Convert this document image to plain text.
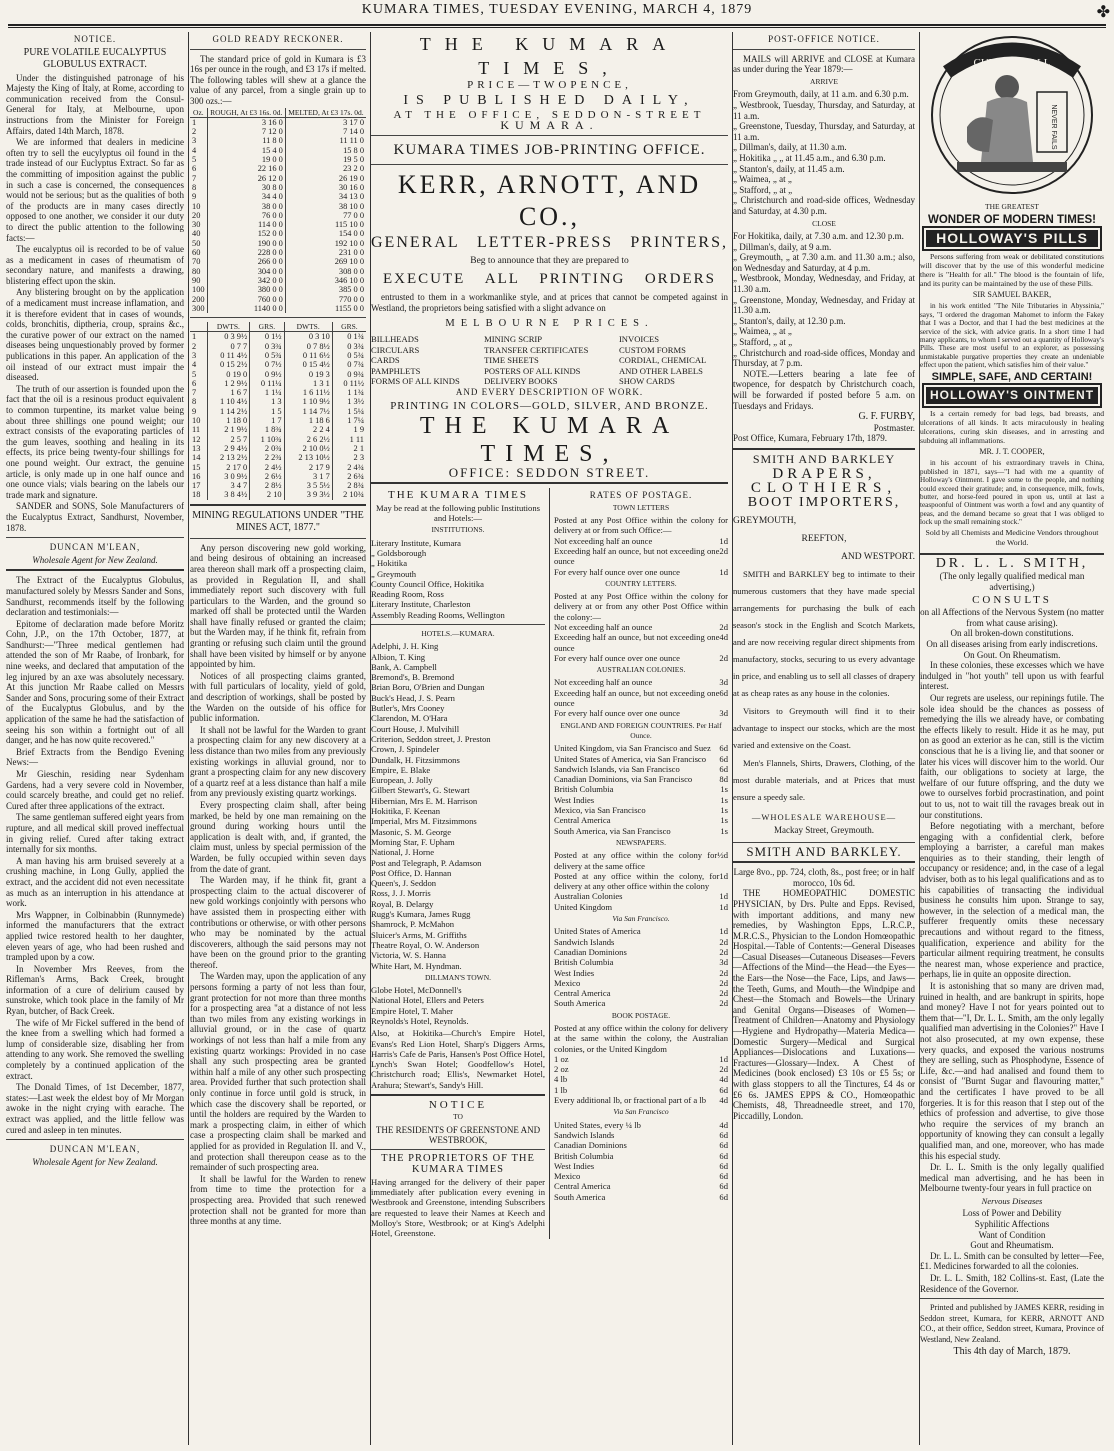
KUMARA TIMES, TUESDAY EVENING, MARCH 4, 1879	✤
NOTICE.
PURE VOLATILE EUCALYPTUS GLOBULUS EXTRACT.

Under the distinguished patronage of his Majesty the King of Italy, at Rome, according to communication received from the Consul-General for Italy, at Melbourne, upon instructions from the Minister for Foreign Affairs, dated 14th March, 1878.

We are informed that dealers in medicine often try to sell the eucylyptus oil found in the trade instead of our Euclyptus Extract. So far as the committing of imposition against the public in such a case is concerned, the consequences would not be serious; but as the qualities of both of the products are in many cases directly opposed to one another, we consider it our duty to direct the public attention to the following facts:—

The eucalyptus oil is recorded to be of value as a medicament in cases of rheumatism of secondary nature, and manifests a drawing, blistering effect upon the skin.

Any blistering brought on by the application of a medicament must increase inflamation, and it is therefore evident that in cases of wounds, colds, bronchitis, diptheria, croup, sprains &c., the curative power of our extract on the named diseases being unquestionably proved by former publications in this paper. An application of the oil instead of our extract must impair the diseased.

The truth of our assertion is founded upon the fact that the oil is a resinous product equivalent to common turpentine, its market value being about three shillings one pound weight; our extract consists of the evaporating particles of the gum leaves, soothing and healing in its effects, its price being twenty-four shillings for one pound weight. Our extract, the genuine article, is only made up in one half ounce and one ounce vials; vials bearing on the labels our trade mark and signature.

SANDER and SONS, Sole Manufacturers of the Eucalyptus Extract, Sandhurst, November, 1878.

DUNCAN M'LEAN,
Wholesale Agent for New Zealand.

The Extract of the Eucalyptus Globulus, manufactured solely by Messrs Sander and Sons, Sandhurst, recommends itself by the following declaration and testimonials:—

Epitome of declaration made before Moritz Cohn, J.P., on the 17th October, 1877, at Sandhurst:—"Three medical gentlemen had attended the son of Mr Raabe, of Ironbark, for nine weeks, and declared that amputation of the leg injured by an axe was absolutely necessary. At this junction Mr Raabe called on Messrs Sander and Sons, procuring some of their Extract of the Eucalyptus Globulus, and by the application of the same he had the satisfaction of seeing his son within a fortnight out of all danger, and he has now quite recovered."

Brief Extracts from the Bendigo Evening News:—

Mr Gieschin, residing near Sydenham Gardens, had a very severe cold in November, could scarcely breathe, and could get no relief. Cured after three applications of the extract.

The same gentleman suffered eight years from rupture, and all medical skill proved ineffectual in giving relief. Cured after taking extract internally for six months.

A man having his arm bruised severely at a crushing machine, in Long Gully, applied the extract, and the accident did not even necessitate as much as an interruption in his attendance at work.

Mrs Wappner, in Colbinabbin (Runnymede) informed the manufacturers that the extract applied twice restored health to her daughter, eleven years of age, who had been rushed and trampled upon by a cow.

In November Mrs Reeves, from the Rifleman's Arms, Back Creek, brought information of a cure of delirium caused by sunstroke, which took place in the family of Mr Ryan, butcher, of Back Creek.

The wife of Mr Fickel suffered in the bend of the knee from a swelling which had formed a lump of considerable size, disabling her from attending to any work. She removed the swelling completely by a continued application of the extract.

The Donald Times, of 1st December, 1877, states:—Last week the eldest boy of Mr Morgan awoke in the night crying with earache. The extract was applied, and the little fellow was cured and asleep in ten minutes.

DUNCAN M'LEAN,
Wholesale Agent for New Zealand.
GOLD READY RECKONER.

The standard price of gold in Kumara is £3 16s per ounce in the rough, and £3 17s if melted. The following tables will shew at a glance the value of any parcel, from a single grain up to 300 ozs.:—

Oz.	ROUGH, At £3 16s. 0d.	MELTED, At £3 17s. 0d.
1	3 16 0	3 17 0
2	7 12 0	7 14 0
3	11 8 0	11 11 0
4	15 4 0	15 8 0
5	19 0 0	19 5 0
6	22 16 0	23 2 0
7	26 12 0	26 19 0
8	30 8 0	30 16 0
9	34 4 0	34 13 0
10	38 0 0	38 10 0
20	76 0 0	77 0 0
30	114 0 0	115 10 0
40	152 0 0	154 0 0
50	190 0 0	192 10 0
60	228 0 0	231 0 0
70	266 0 0	269 10 0
80	304 0 0	308 0 0
90	342 0 0	346 10 0
100	380 0 0	385 0 0
200	760 0 0	770 0 0
300	1140 0 0	1155 0 0
	DWTS.	GRS.	DWTS.	GRS.
1	0 3 9½	0 1½	0 3 10	0 1¾
2	0 7 7	0 3¾	0 7 8½	0 3¾
3	0 11 4½	0 5¾	0 11 6½	0 5¾
4	0 15 2½	0 7½	0 15 4½	0 7¾
5	0 19 0	0 9½	0 19 3	0 9¾
6	1 2 9½	0 11¼	1 3 1	0 11½
7	1 6 7	1 1¼	1 6 11½	1 1¾
8	1 10 4½	1 3	1 10 9½	1 3½
9	1 14 2½	1 5	1 14 7½	1 5¼
10	1 18 0	1 7	1 18 6	1 7¼
11	2 1 9½	1 8¾	2 2 4	1 9
12	2 5 7	1 10¾	2 6 2½	1 11
13	2 9 4½	2 0¾	2 10 0½	2 1
14	2 13 2½	2 2¾	2 13 10½	2 3
15	2 17 0	2 4½	2 17 9	2 4¾
16	3 0 9½	2 6½	3 1 7	2 6¾
17	3 4 7	2 8½	3 5 5½	2 8¾
18	3 8 4½	2 10	3 9 3½	2 10¾
MINING REGULATIONS UNDER "THE MINES ACT, 1877."

Any person discovering new gold working, and being desirous of obtaining an increased area thereon shall mark off a prospecting claim, as provided in Regulation II, and shall immediately report such discovery with full particulars to the Warden, and the ground so marked off shall be protected until the Warden shall have finally refused or granted the claim; but the Warden may, if he think fit, refrain from granting or refusing such claim until the ground shall have been visited by himself or by anyone appointed by him.

Notices of all prospecting claims granted, with full particulars of locality, yield of gold, and description of workings, shall be posted by the Warden on the outside of his office for public information.

It shall not be lawful for the Warden to grant a prospecting claim for any new discovery at a less distance than two miles from any previously existing workings in alluvial ground, nor to grant a prospecting claim for any new discovery of a quartz reef at a less distance than half a mile from any previously existing quartz workings.

Every prospecting claim shall, after being marked, be held by one man remaining on the ground during working hours until the application is dealt with, and, if granted, the claim must, unless by special permission of the Warden, be fully occupied within seven days from the date of grant.

The Warden may, if he think fit, grant a prospecting claim to the actual discoverer of new gold workings conjointly with persons who have assisted them in prospecting either with contributions or otherwise, or with other persons who may be nominated by the actual discoverers, although the said persons may not have been on the ground prior to the granting thereof.

The Warden may, upon the application of any persons forming a party of not less than four, grant protection for not more than three months for a prospecting area "at a distance of not less than two miles from any existing workings in alluvial ground, or in the case of quartz workings of not less than half a mile from any existing quartz workings: Provided in no case shall any such prospecting area be granted within half a mile of any other such prospecting area. Provided further that such protection shall only continue in force until gold is struck, in which case the discovery shall be reported, or until the holders are required by the Warden to mark a prospecting claim, in either of which case a prospecting claim shall be marked and applied for as provided in Regulation II. and V., and protection shall thereupon cease as to the remainder of such prospecting area.

It shall be lawful for the Warden to renew from time to time the protection for a prospecting area. Provided that such renewed protection shall not be granted for more than three months at any time.

THE KUMARA TIMES,
PRICE—TWOPENCE,
IS PUBLISHED DAILY,
AT THE OFFICE, SEDDON-STREET
KUMARA.
KUMARA TIMES JOB-PRINTING OFFICE.
KERR, ARNOTT, AND CO.,
GENERAL LETTER-PRESS PRINTERS,
Beg to announce that they are prepared to
EXECUTE ALL PRINTING ORDERS

entrusted to them in a workmanlike style, and at prices that cannot be competed against in Westland, the proprietors being satisfied with a slight advance on

MELBOURNE PRICES.
BILLHEADS	MINING SCRIP	INVOICES
CIRCULARS	TRANSFER CERTIFICATES	CUSTOM FORMS
CARDS	TIME SHEETS	CORDIAL, CHEMICAL
PAMPHLETS	POSTERS OF ALL KINDS	AND OTHER LABELS
FORMS OF ALL KINDS	DELIVERY BOOKS	SHOW CARDS
AND EVERY DESCRIPTION OF WORK.
PRINTING IN COLORS—GOLD, SILVER, AND BRONZE.
THE KUMARA TIMES,
OFFICE: SEDDON STREET.
THE KUMARA TIMES
May be read at the following public Institutions and Hotels:—
INSTITUTIONS.
Literary Institute, Kumara
„ Goldsborough
„ Hokitika
„ Greymouth
County Council Office, Hokitika
Reading Room, Ross
Literary Institute, Charleston
Assembly Reading Rooms, Wellington
HOTELS.—KUMARA.
Adelphi, J. H. King
Albion, T. King
Bank, A. Campbell
Bremond's, B. Bremond
Brian Boru, O'Brien and Dungan
Buck's Head, J. S. Pearn
Butler's, Mrs Cooney
Clarendon, M. O'Hara
Court House, J. Mulvihill
Criterion, Seddon street, J. Preston
Crown, J. Spindeler
Dundalk, H. Fitzsimmons
Empire, E. Blake
European, J. Jolly
Gilbert Stewart's, G. Stewart
Hibernian, Mrs E. M. Harrison
Hokitika, F. Keenan
Imperial, Mrs M. Fitzsimmons
Masonic, S. M. George
Morning Star, F. Upham
National, J. Horne
Post and Telegraph, P. Adamson
Post Office, D. Hannan
Queen's, J. Seddon
Ross, J. J. Morris
Royal, B. Delargy
Rugg's Kumara, James Rugg
Shamrock, P. McMahon
Sluicer's Arms, M. Griffiths
Theatre Royal, O. W. Anderson
Victoria, W. S. Hanna
White Hart, M. Hyndman.
DILLMAN'S TOWN.
Globe Hotel, McDonnell's
National Hotel, Ellers and Peters
Empire Hotel, T. Maher
Reynolds's Hotel, Reynolds.
Also, at Hokitika—Church's Empire Hotel, Evans's Red Lion Hotel, Sharp's Diggers Arms, Harris's Cafe de Paris, Hansen's Post Office Hotel, Lynch's Swan Hotel; Goodfellow's Hotel, Christchurch road; Ellis's, Newmarket Hotel, Arahura; Stewart's, Sandy's Hill.
NOTICE
TO
THE RESIDENTS OF GREENSTONE AND WESTBROOK,
THE PROPRIETORS OF THE KUMARA TIMES
Having arranged for the delivery of their paper immediately after publication every evening in Westbrook and Greenstone, intending Subscribers are requested to leave their Names at Keech and Molloy's Store, Westbrook; or at King's Adelphi Hotel, Greenstone.
RATES OF POSTAGE.
TOWN LETTERS
Posted at any Post Office within the colony for delivery at or from such Office:—
Not exceeding half an ounce	1d
Exceeding half an ounce, but not exceeding one ounce
2d
For every half ounce over one ounce	1d
COUNTRY LETTERS.
Posted at any Post Office within the colony for delivery at or from any other Post Office within the colony:—
Not exceeding half an ounce	2d
Exceeding half an ounce, but not exceeding one ounce
4d
For every half ounce over one ounce	2d
AUSTRALIAN COLONIES.
Not exceeding half an ounce	3d
Exceeding half an ounce, but not exceeding one ounce
6d
For every half ounce over one ounce	3d
ENGLAND AND FOREIGN COUNTRIES. Per Half Ounce.
United Kingdom, via San Francisco and Suez 6d
United States of America, via San Francisco 6d
Sandwich Islands, via San Francisco	6d
Canadian Dominions, via San Francisco	8d
British Columbia	1s
West Indies	1s
Mexico, via San Francisco	1s
Central America	1s
South America, via San Francisco	1s
NEWSPAPERS.
Posted at any office within the colony for delivery at the same office
½d
Posted at any office within the colony, for delivery at any other office within the colony
1d
Australian Colonies	1d
United Kingdom	1d
Via San Francisco.
United States of America	1d
Sandwich Islands	2d
Canadian Dominions	2d
British Columbia	3d
West Indies	2d
Mexico	2d
Central America	2d
South America	2d
BOOK POSTAGE.
Posted at any office within the colony for delivery at the same within the colony, the Australian colonies, or the United Kingdom
1 oz	1d
2 oz	2d
4 lb	4d
1 lb	6d
Every additional lb, or fractional part of a lb 4d
Via San Francisco
United States, every ¼ lb	4d
Sandwich Islands	6d
Canadian Dominions	6d
British Columbia	6d
West Indies	6d
Mexico	6d
Central America	6d
South America	6d
POST-OFFICE NOTICE.

MAILS will ARRIVE and CLOSE at Kumara as under during the Year 1879:—

ARRIVE
From Greymouth, daily, at 11 a.m. and 6.30 p.m.
„ Westbrook, Tuesday, Thursday, and Saturday, at 11 a.m.
„ Greenstone, Tuesday, Thursday, and Saturday, at 11 a.m.
„ Dillman's, daily, at 11.30 a.m.
„ Hokitika „ „ at 11.45 a.m., and 6.30 p.m.
„ Stanton's, daily, at 11.45 a.m.
„ Waimea, „ at „
„ Stafford, „ at „
„ Christchurch and road-side offices, Wednesday and Saturday, at 4.30 p.m.
CLOSE
For Hokitika, daily, at 7.30 a.m. and 12.30 p.m.
„ Dillman's, daily, at 9 a.m.
„ Greymouth, „ at 7.30 a.m. and 11.30 a.m.; also, on Wednesday and Saturday, at 4 p.m.
„ Westbrook, Monday, Wednesday, and Friday, at 11.30 a.m.
„ Greenstone, Monday, Wednesday, and Friday at 11.30 a.m.
„ Stanton's, daily, at 12.30 p.m.
„ Waimea, „ at „
„ Stafford, „ at „
„ Christchurch and road-side offices, Monday and Thursday, at 7 p.m.

NOTE.—Letters bearing a late fee of twopence, for despatch by Christchurch coach, will be forwarded if posted before 5 a.m. on Tuesdays and Fridays.

G. F. FURBY,
Postmaster.
Post Office, Kumara, February 17th, 1879.
SMITH AND BARKLEY
DRAPERS,
CLOTHIERS,
BOOT IMPORTERS,
GREYMOUTH,
REEFTON,
AND WESTPORT.

SMITH and BARKLEY beg to intimate to their numerous customers that they have made special arrangements for purchasing the bulk of each season's stock in the English and Scotch Markets, and are now receiving regular direct shipments from manufactory, stocks, securing to us every advantage in price, and enabling us to sell all classes of drapery at as cheap rates as any house in the colonies.

Visitors to Greymouth will find it to their advantage to inspect our stocks, which are the most varied and extensive on the Coast.

Men's Flannels, Shirts, Drawers, Clothing, of the most durable materials, and at Prices that must ensure a speedy sale.

—WHOLESALE WAREHOUSE—
Mackay Street, Greymouth.
SMITH AND BARKLEY.
Large 8vo., pp. 724, cloth, 8s., post free; or in half morocco, 10s 6d.

THE HOMEOPATHIC DOMESTIC PHYSICIAN, by Drs. Pulte and Epps. Revised, with important additions, and many new remedies, by Washington Epps, L.R.C.P., M.R.C.S., Physician to the London Homœopathic Hospital.—Table of Contents:—General Diseases—Casual Diseases—Cutaneous Diseases—Fevers—Affections of the Mind—the Head—the Eyes—the Ears—the Nose—the Face, Lips, and Jaws—the Teeth, Gums, and Mouth—the Windpipe and Chest—the Stomach and Bowels—the Urinary and Genital Organs—Diseases of Women—Treatment of Children—Anatomy and Physiology—Hygiene and Hydropathy—Materia Medica—Domestic Surgery—Medical and Surgical Appliances—Dislocations and Luxations—Fractures—Glossary—Index. A Chest of Medicines (book enclosed) £3 10s or £5 5s; or with glass stoppers to all the Tinctures, £4 4s or £6 6s. JAMES EPPS & CO., Homœopathic Chemists, 48, Threadneedle street, and 170, Piccadilly, London.

CURE FOR ALL
NEVER FAILS
THE GREATEST
WONDER OF MODERN TIMES!
HOLLOWAY'S PILLS

Persons suffering from weak or debilitated constitutions will discover that by the use of this wonderful medicine there is "Health for all." The blood is the fountain of life, and its purity can be maintained by the use of these Pills.

SIR SAMUEL BAKER,

in his work entitled "The Nile Tributaries in Abyssinia," says, "I ordered the dragoman Mahomet to inform the Fakey that I was a Doctor, and that I had the best medicines at the service of the sick, with advice gratis. In a short time I had many applicants, to whom I served out a quantity of Holloway's Pills. These are most useful to an explorer, as possessing unmistakable purgative properties they create an undeniable effect upon the patient, which satisfies him of their value."

SIMPLE, SAFE, AND CERTAIN!
HOLLOWAY'S OINTMENT

Is a certain remedy for bad legs, bad breasts, and ulcerations of all kinds. It acts miraculously in healing ulcerations, curing skin diseases, and in arresting and subduing all inflammations.

MR. J. T. COOPER,

in his account of his extraordinary travels in China, published in 1871, says—"I had with me a quantity of Holloway's Ointment. I gave some to the people, and nothing could exceed their gratitude; and, in consequence, milk, fowls, butter, and horse-feed poured in upon us, until at last a teaspoonful of Ointment was worth a fowl and any quantity of peas, and the demand became so great that I was obliged to lock up the small remaining stock."

Sold by all Chemists and Medicine Vendors throughout the World.
DR. L. L. SMITH,
(The only legally qualified medical man advertising,)
CONSULTS
on all Affections of the Nervous System (no matter from what cause arising).
On all broken-down constitutions.
On all diseases arising from early indiscretions.
On Gout. On Rheumatism.

In these colonies, these excesses which we have indulged in "hot youth" tell upon us with fearful interest.

Our regrets are useless, our repinings futile. The sole idea should be the chances as possess of remedying the ills we already have, or combating the effects likely to result. Hide it as he may, put on as good an exterior as he can, still is the victim conscious that he is a living lie, and that sooner or later his vices will discover him to the world. Our faith, our obligations to society at large, the welfare of our future offspring, and the duty we owe to ourselves forbid procrastination, and point out to us, not to wait till the ravages break out in our constitutions.

Before negotiating with a merchant, before engaging with a confidential clerk, before employing a barrister, a careful man makes enquiries as to their standing, their length of occupancy or residence; and, in the case of a legal adviser, both as to his legal qualifications and as to his capabilities of transacting the individual business he consults him upon. Strange to say, however, in the selection of a medical man, the sufferer frequently omits these necessary precautions and without regard to the fitness, qualification, experience and ability for the particular ailment requiring treatment, he consults the nearest man, whose experience and practice, perhaps, lie in quite an opposite direction.

It is astonishing that so many are driven mad, ruined in health, and are bankrupt in spirits, hope and money? Have I not for years pointed out to them that—"I, Dr. L. L. Smith, am the only legally qualified man advertising in the Colonies?" Have I not also prosecuted, at my own expense, these very quacks, and exposed the various nostrums they are selling, such as Phosphodyne, Essence of Life, &c.—and had analised and found them to consist of "Burnt Sugar and flavouring matter," and the certificates I have proved to be all forgeries. It is for this reason that I step out of the ethics of profession and advertise, to give those who require the services of my branch an opportunity of knowing they can consult a legally qualified man, and one, moreover, who has made this his especial study.

Dr. L. L. Smith is the only legally qualified medical man advertising, and he has been in Melbourne twenty-four years in full practice on

Nervous Diseases
Loss of Power and Debility
Syphilitic Affections
Want of Condition
Gout and Rheumatism.

Dr. L. L. Smith can be consulted by letter—Fee, £1. Medicines forwarded to all the colonies.

Dr. L. L. Smith, 182 Collins-st. East, (Late the Residence of the Governor.

Printed and published by JAMES KERR, residing in Seddon street, Kumara, for KERR, ARNOTT AND CO., at their office, Seddon street, Kumara, Province of Westland, New Zealand.

This 4th day of March, 1879.
